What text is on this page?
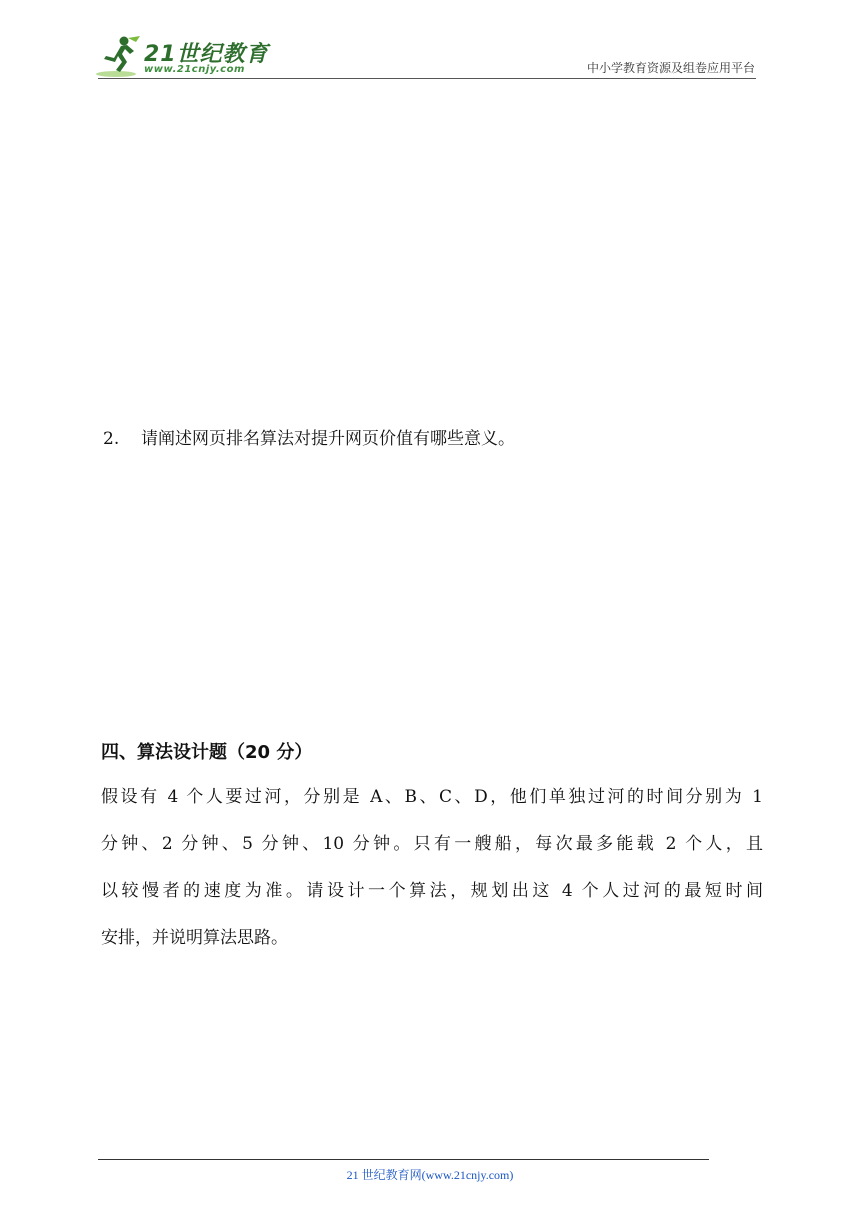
21世纪教育
www.21cnjy.com	中小学教育资源及组卷应用平台
2. 请阐述网页排名算法对提升网页价值有哪些意义。
四、算法设计题（20 分）
假设有 4 个人要过河，分别是 A、B、C、D，他们单独过河的时间分别为 1
分钟、2 分钟、5 分钟、10 分钟。只有一艘船，每次最多能载 2 个人，且
以较慢者的速度为准。请设计一个算法，规划出这 4 个人过河的最短时间
安排，并说明算法思路。
21 世纪教育网(www.21cnjy.com)
